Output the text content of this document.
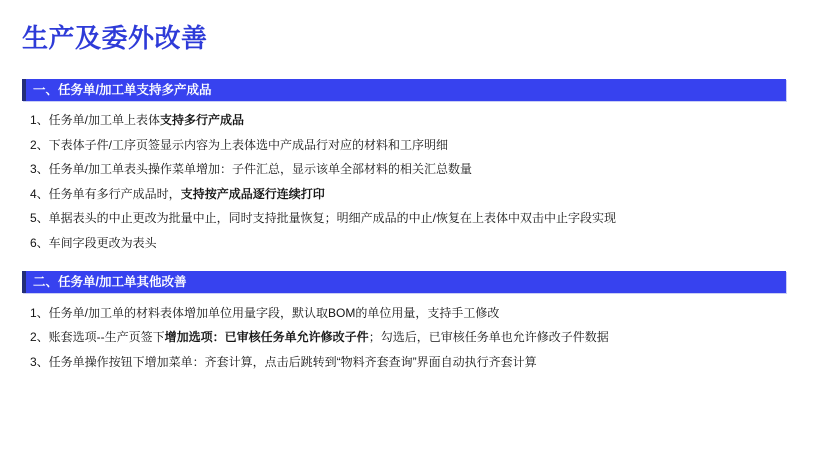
生产及委外改善
一、任务单/加工单支持多产成品
1、任务单/加工单上表体支持多行产成品
2、下表体子件/工序页签显示内容为上表体选中产成品行对应的材料和工序明细
3、任务单/加工单表头操作菜单增加：子件汇总，显示该单全部材料的相关汇总数量
4、任务单有多行产成品时，支持按产成品逐行连续打印
5、单据表头的中止更改为批量中止，同时支持批量恢复；明细产成品的中止/恢复在上表体中双击中止字段实现
6、车间字段更改为表头
二、任务单/加工单其他改善
1、任务单/加工单的材料表体增加单位用量字段，默认取BOM的单位用量，支持手工修改
2、账套选项--生产页签下增加选项：已审核任务单允许修改子件；勾选后，已审核任务单也允许修改子件数据
3、任务单操作按钮下增加菜单：齐套计算，点击后跳转到“物料齐套查询”界面自动执行齐套计算
